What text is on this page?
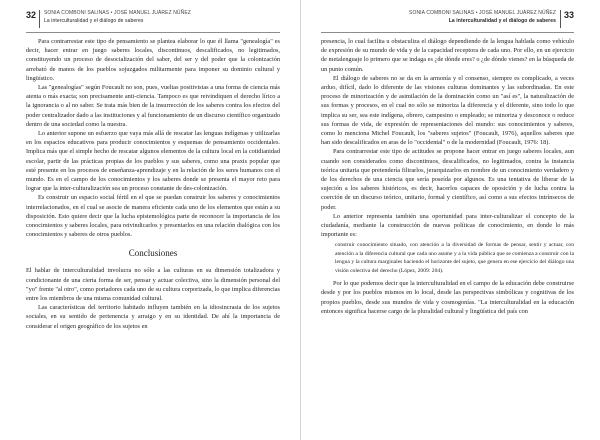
32 SONIA COMBONI SALINAS • JOSÉ MANUEL JUÁREZ NÚÑEZ
La interculturalidad y el diálogo de saberes

Para contrarrestar este tipo de pensamiento se plantea elaborar lo que él llama "genealogía" es decir, hacer entrar en juego saberes locales, discontinuos, descalificados, no legitimados, constituyendo un proceso de desocialización del saber, del ser y del poder que la colonización arrebató de manos de los pueblos sojuzgados militarmente para imponer su dominio cultural y lingüístico.

Las "genealogías" según Foucault no son, pues, vueltas positivistas a una forma de ciencia más atenta o más exacta; son precisamente anti-ciencia. Tampoco es que reivindiquen el derecho lírico a la ignorancia o al no saber. Se trata más bien de la insurrección de los saberes contra los efectos del poder centralizador dado a las instituciones y al funcionamiento de un discurso científico organizado dentro de una sociedad como la nuestra.

Lo anterior supone un esfuerzo que vaya más allá de rescatar las lenguas indígenas y utilizarlas en los espacios educativos para producir conocimientos y esquemas de pensamiento occidentales. Implica más que el simple hecho de rescatar algunos elementos de la cultura local en la cotidianidad escolar, partir de las prácticas propias de los pueblos y sus saberes, como una praxis popular que esté presente en los procesos de enseñanza-aprendizaje y en la relación de los seres humanos con el mundo. Es en el campo de los conocimientos y los saberes donde se presenta el mayor reto para lograr que la inter-culturalización sea un proceso constante de des-colonización.

Es construir un espacio social fértil en el que se puedan construir los saberes y conocimientos interrelacionados, en el cual se asocie de manera eficiente cada uno de los elementos que están a su disposición. Esto quiere decir que la lucha epistemológica parte de reconocer la importancia de los conocimientos y saberes locales, para reivindicarlos y presentarlos en una relación dialógica con los conocimientos y saberes de otros pueblos.

Conclusiones

El hablar de interculturalidad involucra no sólo a las culturas en su dimensión totalizadora y condicionante de una cierta forma de ser, pensar y actuar colectiva, sino la dimensión personal del "yo" frente "al otro", como portadores cada uno de su cultura corporizada, lo que implica diferencias entre los miembros de una misma comunidad cultural.

Las características del territorio habitado influyen también en la idiosincrasia de los sujetos sociales, en su sentido de pertenencia y arraigo y en su identidad. De ahí la importancia de considerar el origen geográfico de los sujetos en

SONIA COMBONI SALINAS • JOSÉ MANUEL JUÁREZ NÚÑEZ
La interculturalidad y el diálogo de saberes
33

presencia, lo cual facilita u obstaculiza el diálogo dependiendo de la lengua hablada como vehículo de expresión de su mundo de vida y de la capacidad receptora de cada uno. Por ello, en un ejercicio de metalenguaje lo primero que se indaga es ¿de dónde eres? o ¿de dónde vienes? en la búsqueda de un punto común.

El diálogo de saberes no se da en la armonía y el consenso, siempre es complicado, a veces arduo, difícil, dado lo diferente de las visiones culturas dominantes y las subordinadas. En este proceso de minorización y de asimilación de la dominación como un "así es", la naturalización de sus formas y procesos, en el cual no sólo se minoriza la diferencia y el diferente, sino todo lo que implica su ser, sea este indígena, obrero, campesino o empleado; se minoriza y desconoce o reduce sus formas de vida, de expresión de representaciones del mundo: sus conocimientos y saberes, como lo menciona Michel Foucault, los "saberes sujetos" (Foucault, 1976), aquellos saberes que han sido descalificados en aras de lo "occidental" o de la modernidad (Foucault, 1976: 18).

Para contrarrestar este tipo de actitudes se propone hacer entrar en juego saberes locales, aun cuando son considerados como discontinuos, descalificados, no legitimados, contra la instancia teórica unitaria que pretendería filtrarlos, jerarquizarlos en nombre de un conocimiento verdadero y de los derechos de una ciencia que sería poseída por algunos. Es una tentativa de liberar de la sujeción a los saberes históricos, es decir, hacerlos capaces de oposición y de lucha contra la coerción de un discurso teórico, unitario, formal y científico, así como a sus efectos intrínsecos de poder.

Lo anterior representa también una oportunidad para inter-culturalizar el concepto de la ciudadanía, mediante la construcción de nuevas políticas de conocimiento, en donde lo más importante es:

construir conocimiento situado, con atención a la diversidad de formas de pensar, sentir y actuar, con atención a la diferencia cultural que cada uno asume y a la vida pública que se comienza a construir con la lengua y la cultura marginales haciendo el horizonte del sujeto, que genera en ese ejercicio del diálogo una visión colectiva del derecho (López, 2009: 204).

Por lo que podemos decir que la interculturalidad en el campo de la educación debe construirse desde y por los pueblos mismos en lo local, desde las perspectivas simbólicas y cognitivas de los propios pueblos, desde sus mundos de vida y cosmogonías. "La interculturalidad en la educación entonces significa hacerse cargo de la pluralidad cultural y lingüística del país con
